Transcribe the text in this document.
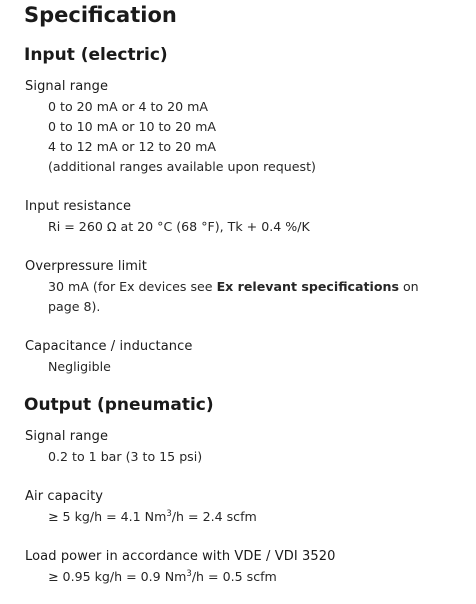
Specification
Input (electric)
Signal range
0 to 20 mA or 4 to 20 mA
0 to 10 mA or 10 to 20 mA
4 to 12 mA or 12 to 20 mA
(additional ranges available upon request)
Input resistance
Ri = 260 Ω at 20 °C (68 °F), Tk + 0.4 %/K
Overpressure limit
30 mA (for Ex devices see Ex relevant specifications on
page 8).
Capacitance / inductance
Negligible
Output (pneumatic)
Signal range
0.2 to 1 bar (3 to 15 psi)
Air capacity
≥ 5 kg/h = 4.1 $Nm^3/h = 2.4$ scfm
Load power in accordance with VDE / VDI 3520
≥ 0.95 kg/h = 0.9 $Nm^3/h = 0.5$ scfm
